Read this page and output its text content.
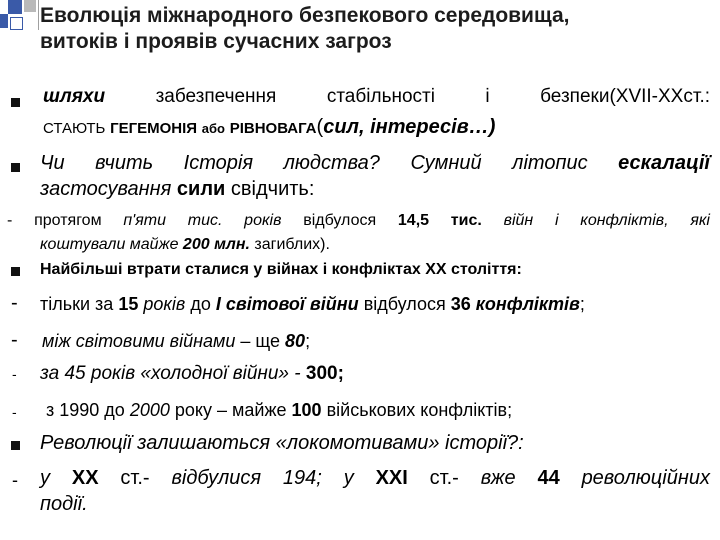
Еволюція міжнародного безпекового середовища,
витоків і проявів сучасних загроз
шляхи	забезпечення стабільності і безпеки(XVII-ХХст.:
СТАЮТЬ ГЕГЕМОНІЯ або РІВНОВАГА(сил, інтересів…)
Чи вчить Історія людства? Сумний літопис ескалації
застосування сили свідчить:
- протягом п'яти тис. років відбулося 14,5 тис. війн і конфліктів, які
коштували майже 200 млн. загиблих).
Найбільші втрати сталися у війнах і конфліктах ХХ століття:
- тільки за 15 років до І світової війни відбулося 36 конфліктів;
- між світовими війнами – ще 80;
- за 45 років «холодної війни» - 300;
- з 1990 до 2000 року – майже 100 військових конфліктів;
Революції залишаються «локомотивами» історії?:
- у ХХ ст.- відбулися 194; у ХХІ ст.- вже 44 революційних
події.
